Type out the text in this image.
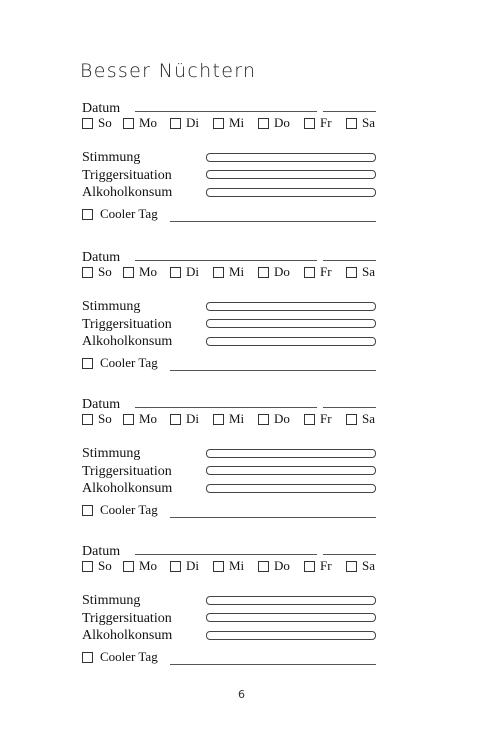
Besser Nüchtern
Datum
So Mo Di Mi Do Fr Sa
Stimmung
Triggersituation
Alkoholkonsum
Cooler Tag
Datum
So Mo Di Mi Do Fr Sa
Stimmung
Triggersituation
Alkoholkonsum
Cooler Tag
Datum
So Mo Di Mi Do Fr Sa
Stimmung
Triggersituation
Alkoholkonsum
Cooler Tag
Datum
So Mo Di Mi Do Fr Sa
Stimmung
Triggersituation
Alkoholkonsum
Cooler Tag
6
